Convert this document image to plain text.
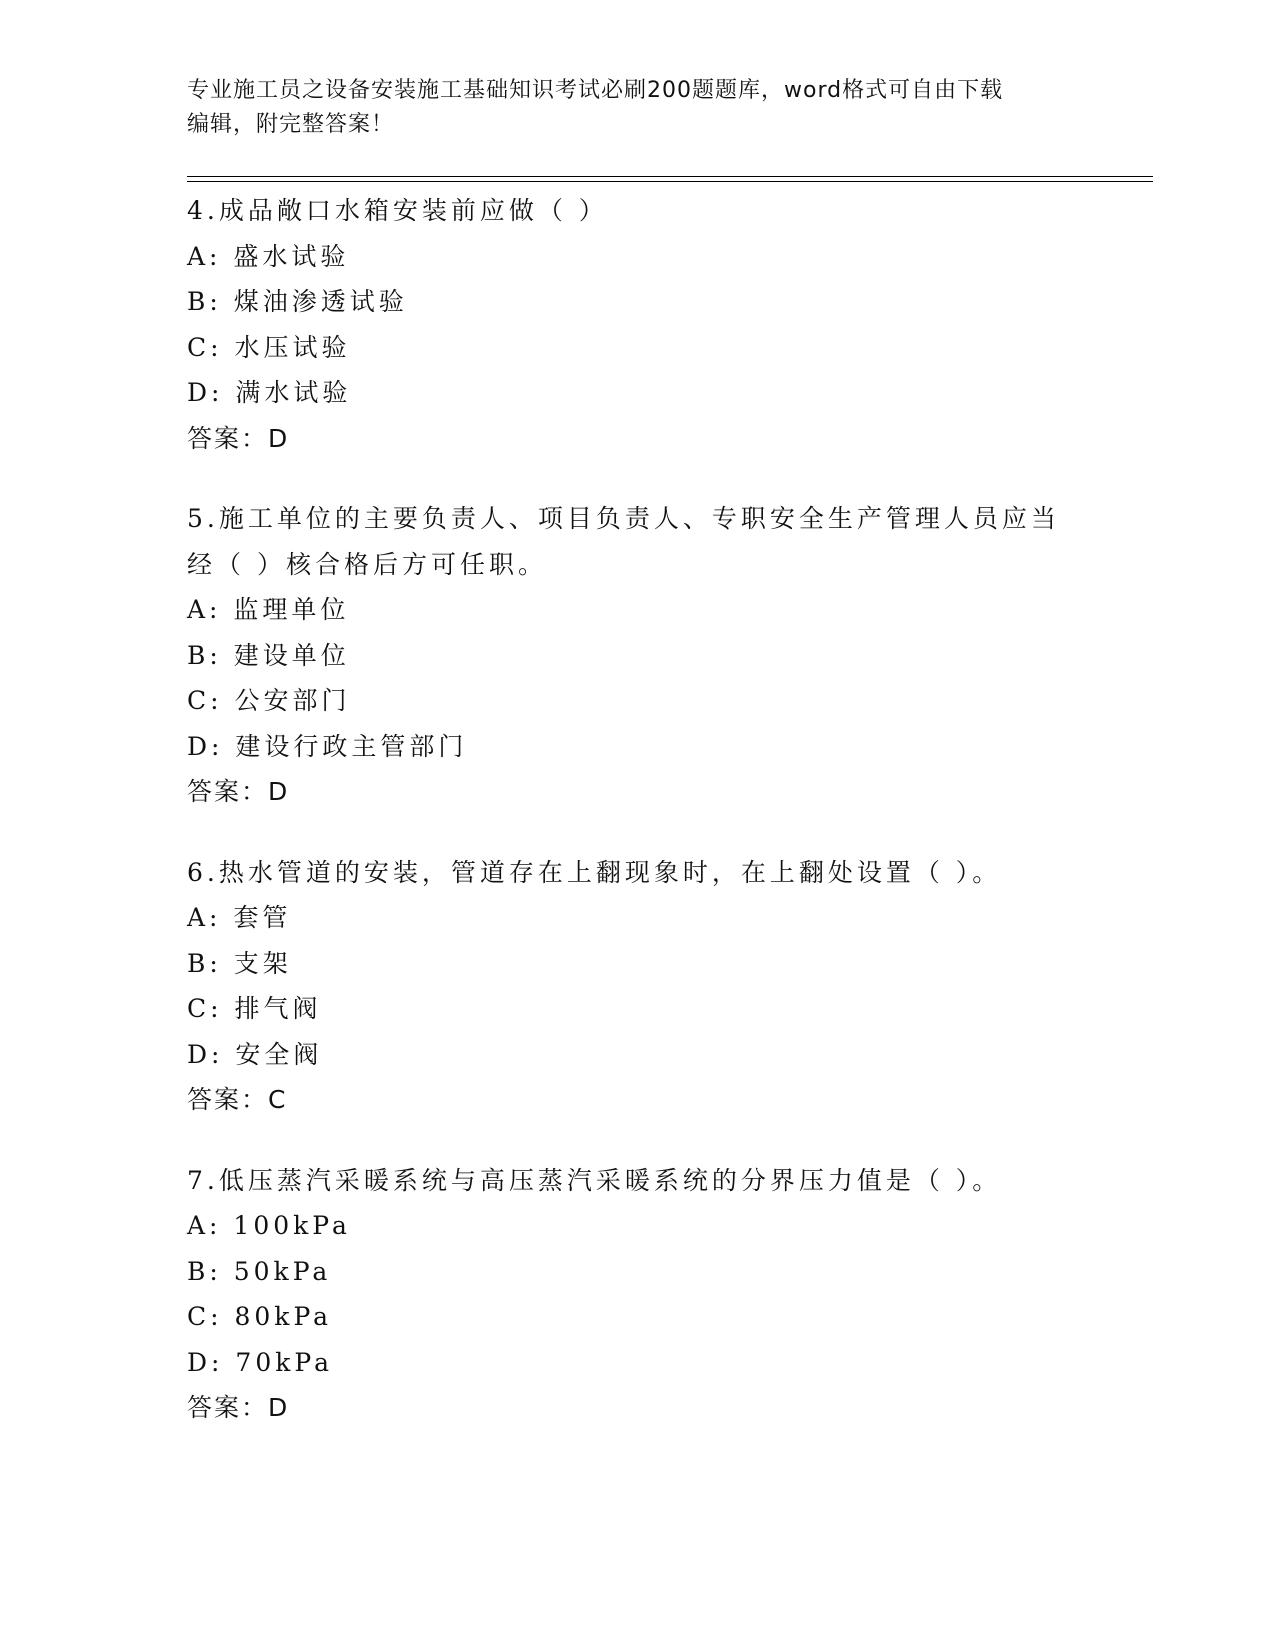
专业施工员之设备安装施工基础知识考试必刷200题题库，word格式可自由下载
编辑，附完整答案！
4.成品敞口水箱安装前应做（ ）
A: 盛水试验
B: 煤油渗透试验
C: 水压试验
D: 满水试验
答案：D
5.施工单位的主要负责人、项目负责人、专职安全生产管理人员应当
经（ ）核合格后方可任职。
A: 监理单位
B: 建设单位
C: 公安部门
D: 建设行政主管部门
答案：D
6.热水管道的安装，管道存在上翻现象时，在上翻处设置（ ）。
A: 套管
B: 支架
C: 排气阀
D: 安全阀
答案：C
7.低压蒸汽采暖系统与高压蒸汽采暖系统的分界压力值是（ ）。
A: 100kPa
B: 50kPa
C: 80kPa
D: 70kPa
答案：D
